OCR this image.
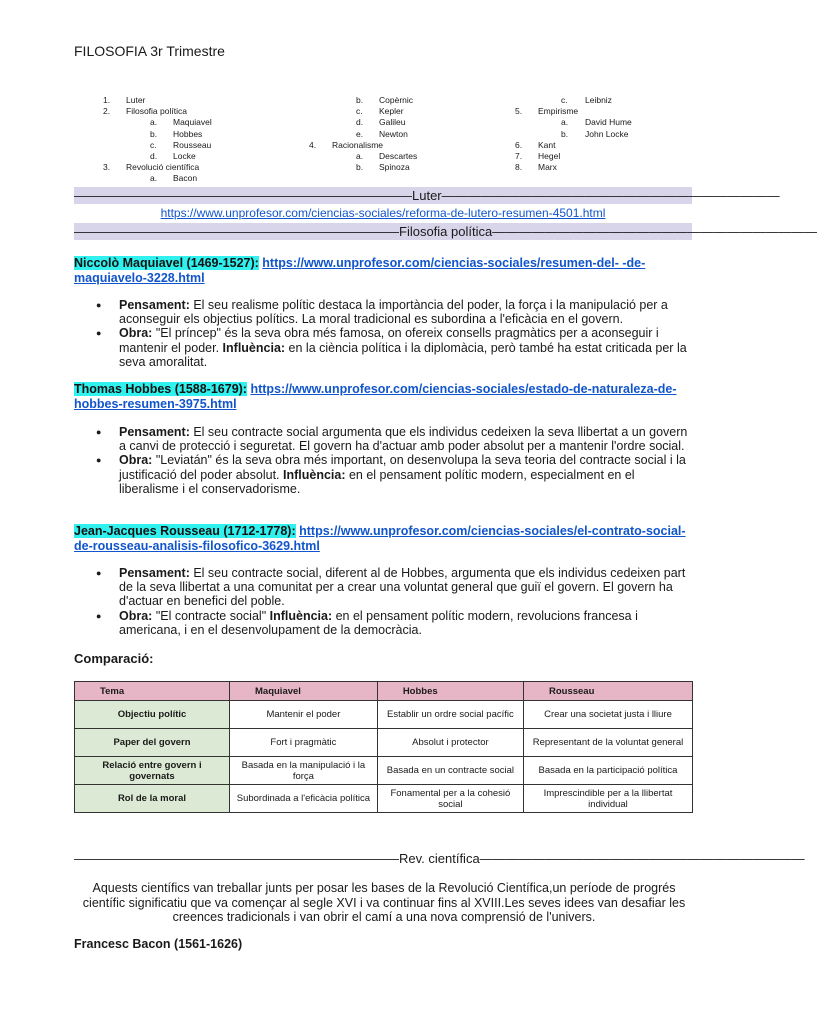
FILOSOFIA 3r Trimestre
1. Luter
2. Filosofia política
a. Maquiavel
b. Hobbes
c. Rousseau
d. Locke
3. Revolució científica
a. Bacon
b. Copèrnic
c. Kepler
d. Galileu
e. Newton
4. Racionalisme
a. Descartes
b. Spinoza
c. Leibniz
5. Empirisme
a. David Hume
b. John Locke
6. Kant
7. Hegel
8. Marx
——————————————————————————Luter——————————————————————————
https://www.unprofesor.com/ciencias-sociales/reforma-de-lutero-resumen-4501.html
—————————————————————————Filosofia política—————————————————————————
Niccolò Maquiavel (1469-1527): https://www.unprofesor.com/ciencias-sociales/resumen-del- -de-maquiavelo-3228.html
● Pensament: El seu realisme polític destaca la importància del poder, la força i la manipulació per a aconseguir els objectius polítics. La moral tradicional es subordina a l'eficàcia en el govern.
● Obra: "El príncep" és la seva obra més famosa, on ofereix consells pragmàtics per a aconseguir i mantenir el poder. Influència: en la ciència política i la diplomàcia, però també ha estat criticada per la seva amoralitat.
Thomas Hobbes (1588-1679): https://www.unprofesor.com/ciencias-sociales/estado-de-naturaleza-de-hobbes-resumen-3975.html
● Pensament: El seu contracte social argumenta que els individus cedeixen la seva llibertat a un govern a canvi de protecció i seguretat. El govern ha d'actuar amb poder absolut per a mantenir l'ordre social.
● Obra: "Leviatán" és la seva obra més important, on desenvolupa la seva teoria del contracte social i la justificació del poder absolut. Influència: en el pensament polític modern, especialment en el liberalisme i el conservadorisme.
Jean-Jacques Rousseau (1712-1778): https://www.unprofesor.com/ciencias-sociales/el-contrato-social-de-rousseau-analisis-filosofico-3629.html
● Pensament: El seu contracte social, diferent al de Hobbes, argumenta que els individus cedeixen part de la seva llibertat a una comunitat per a crear una voluntat general que guiï el govern. El govern ha d'actuar en benefici del poble.
● Obra: "El contracte social" Influència: en el pensament polític modern, revolucions francesa i americana, i en el desenvolupament de la democràcia.
Comparació:
Tema	Maquiavel	Hobbes	Rousseau
Objectiu polític	Mantenir el poder	Establir un ordre social pacífic	Crear una societat justa i lliure
Paper del govern	Fort i pragmàtic	Absolut i protector	Representant de la voluntat general
Relació entre govern i governats	Basada en la manipulació i la força	Basada en un contracte social	Basada en la participació política
Rol de la moral	Subordinada a l'eficàcia política	Fonamental per a la cohesió social	Imprescindible per a la llibertat individual
—————————————————————————Rev. científica—————————————————————————
Aquests científics van treballar junts per posar les bases de la Revolució Científica,un període de progrés científic significatiu que va començar al segle XVI i va continuar fins al XVIII.Les seves idees van desafiar les creences tradicionals i van obrir el camí a una nova comprensió de l'univers.
Francesc Bacon (1561-1626)
